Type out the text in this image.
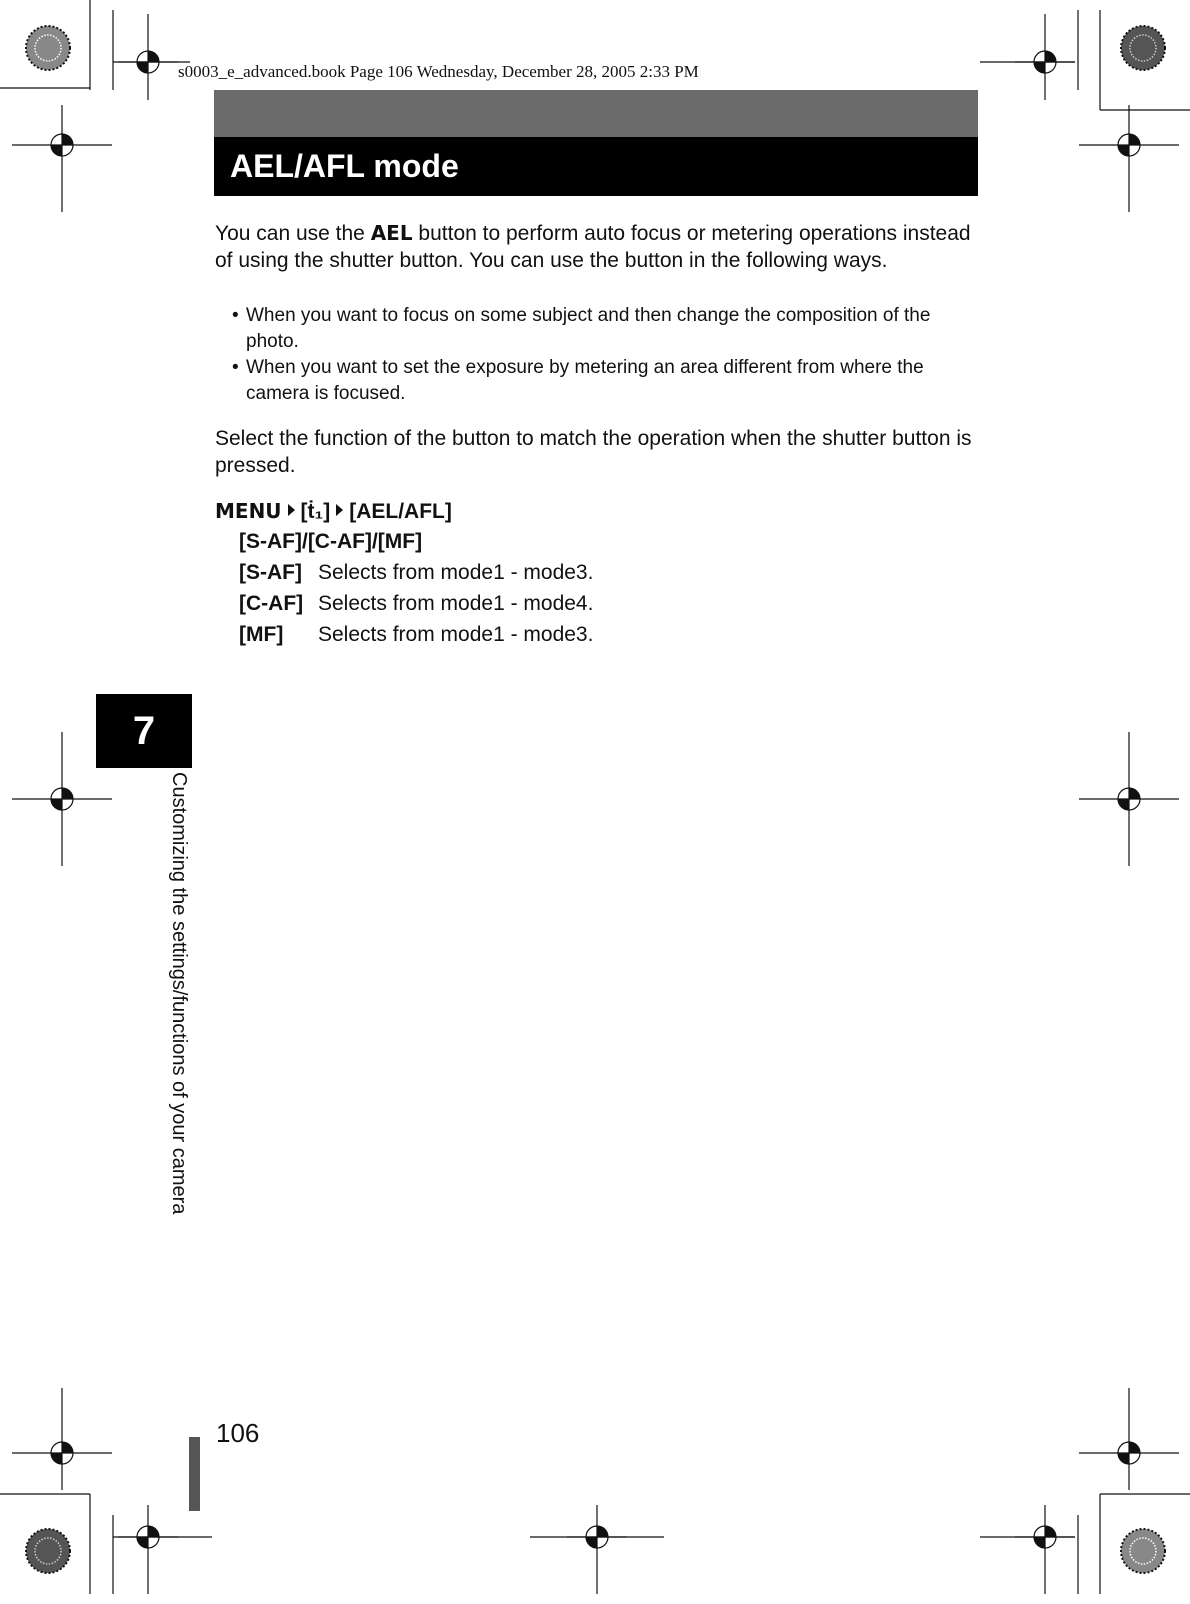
s0003_e_advanced.book Page 106 Wednesday, December 28, 2005 2:33 PM
AEL/AFL mode
You can use the AEL button to perform auto focus or metering operations instead of using the shutter button. You can use the button in the following ways.
• When you want to focus on some subject and then change the composition of the photo.
• When you want to set the exposure by metering an area different from where the camera is focused.
Select the function of the button to match the operation when the shutter button is pressed.
MENU [ṫ₁] [AEL/AFL]
[S-AF]/[C-AF]/[MF]
[S-AF] Selects from mode1 - mode3.
[C-AF] Selects from mode1 - mode4.
[MF] Selects from mode1 - mode3.
7
Customizing the settings/functions of your camera
106
